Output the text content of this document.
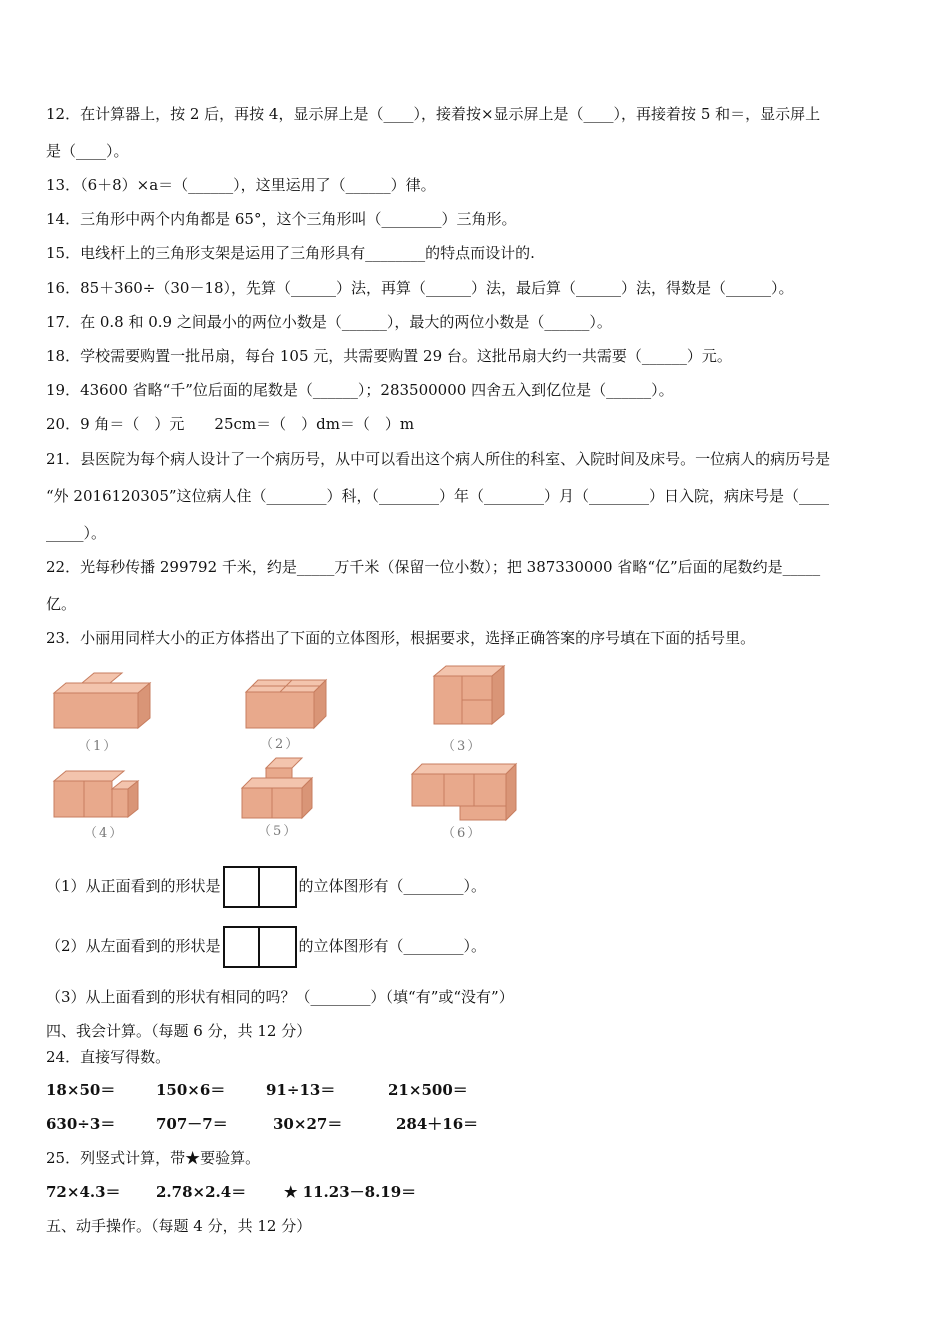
12．在计算器上，按 2 后，再按 4，显示屏上是（____），接着按×显示屏上是（____），再接着按 5 和＝，显示屏上
是（____）。
13．（6＋8）×a＝（______），这里运用了（______）律。
14．三角形中两个内角都是 65°，这个三角形叫（________）三角形。
15．电线杆上的三角形支架是运用了三角形具有________的特点而设计的.
16．85＋360÷（30－18），先算（______）法，再算（______）法，最后算（______）法，得数是（______）。
17．在 0.8 和 0.9 之间最小的两位小数是（______），最大的两位小数是（______）。
18．学校需要购置一批吊扇，每台 105 元，共需要购置 29 台。这批吊扇大约一共需要（______）元。
19．43600 省略“千”位后面的尾数是（______）；283500000 四舍五入到亿位是（______）。
20．9 角＝（　）元　　25cm＝（　）dm＝（　）m
21．县医院为每个病人设计了一个病历号，从中可以看出这个病人所住的科室、入院时间及床号。一位病人的病历号是
“外 2016120305”这位病人住（________）科，（________）年（________）月（________）日入院，病床号是（____
_____）。
22．光每秒传播 299792 千米，约是_____万千米（保留一位小数）；把 387330000 省略“亿”后面的尾数约是_____
亿。
23．小丽用同样大小的正方体搭出了下面的立体图形，根据要求，选择正确答案的序号填在下面的括号里。
（1）	（2）	（3）
（4）	（5）	（6）
（1）从正面看到的形状是	的立体图形有（________）。
（2）从左面看到的形状是	的立体图形有（________）。
（3）从上面看到的形状有相同的吗？（________）（填“有”或“没有”）
四、我会计算。（每题 6 分，共 12 分）
24．直接写得数。
18×50＝	150×6＝	91÷13＝	21×500＝
630÷3＝	707－7＝	30×27＝	284＋16＝
25．列竖式计算，带★要验算。
72×4.3＝ 2.78×2.4＝	★ 11.23－8.19＝
五、动手操作。（每题 4 分，共 12 分）
